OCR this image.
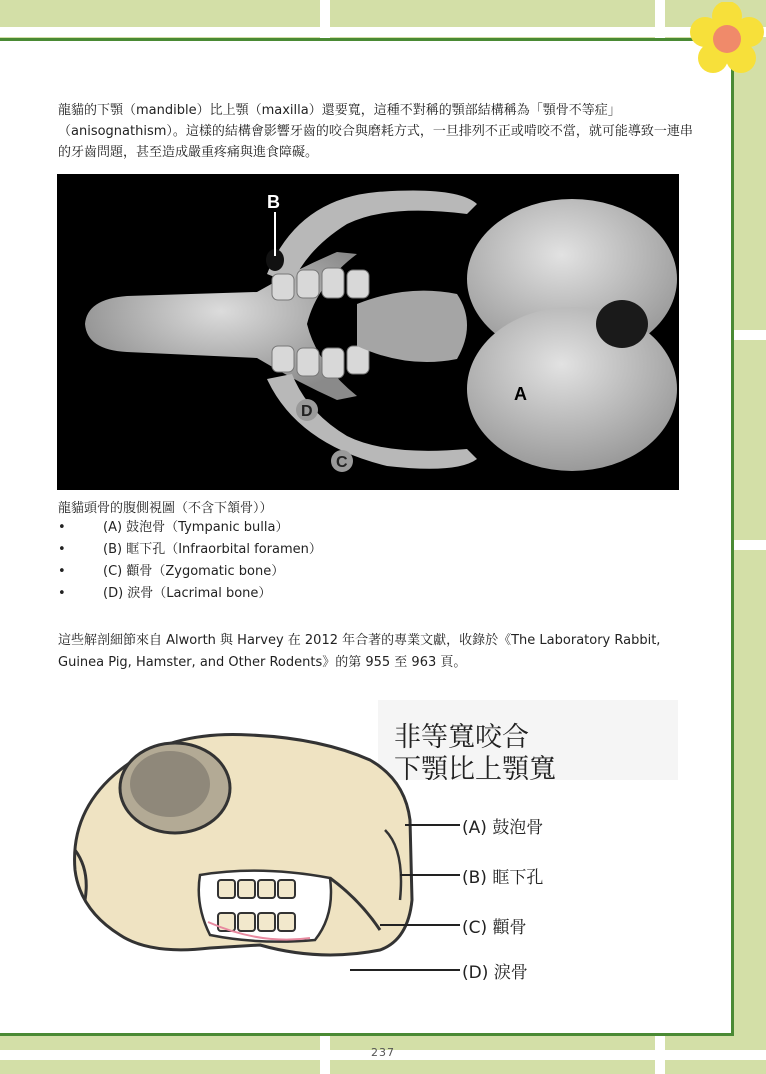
龍貓的下顎（mandible）比上顎（maxilla）還要寬，這種不對稱的顎部結構稱為「顎骨不等症」（anisognathism）。這樣的結構會影響牙齒的咬合與磨耗方式，一旦排列不正或啃咬不當，就可能導致一連串的牙齒問題，甚至造成嚴重疼痛與進食障礙。

B
A
D
C

龍貓頭骨的腹側視圖（不含下頷骨））

•	(A) 鼓泡骨（Tympanic bulla）
•	(B) 眶下孔（Infraorbital foramen）
•	(C) 顴骨（Zygomatic bone）
•	(D) 淚骨（Lacrimal bone）

這些解剖細節來自 Alworth 與 Harvey 在 2012 年合著的專業文獻，收錄於《The Laboratory Rabbit, Guinea Pig, Hamster, and Other Rodents》的第 955 至 963 頁。

非等寬咬合
下顎比上顎寬
(A) 鼓泡骨
(B) 眶下孔
(C) 顴骨
(D) 淚骨
237
